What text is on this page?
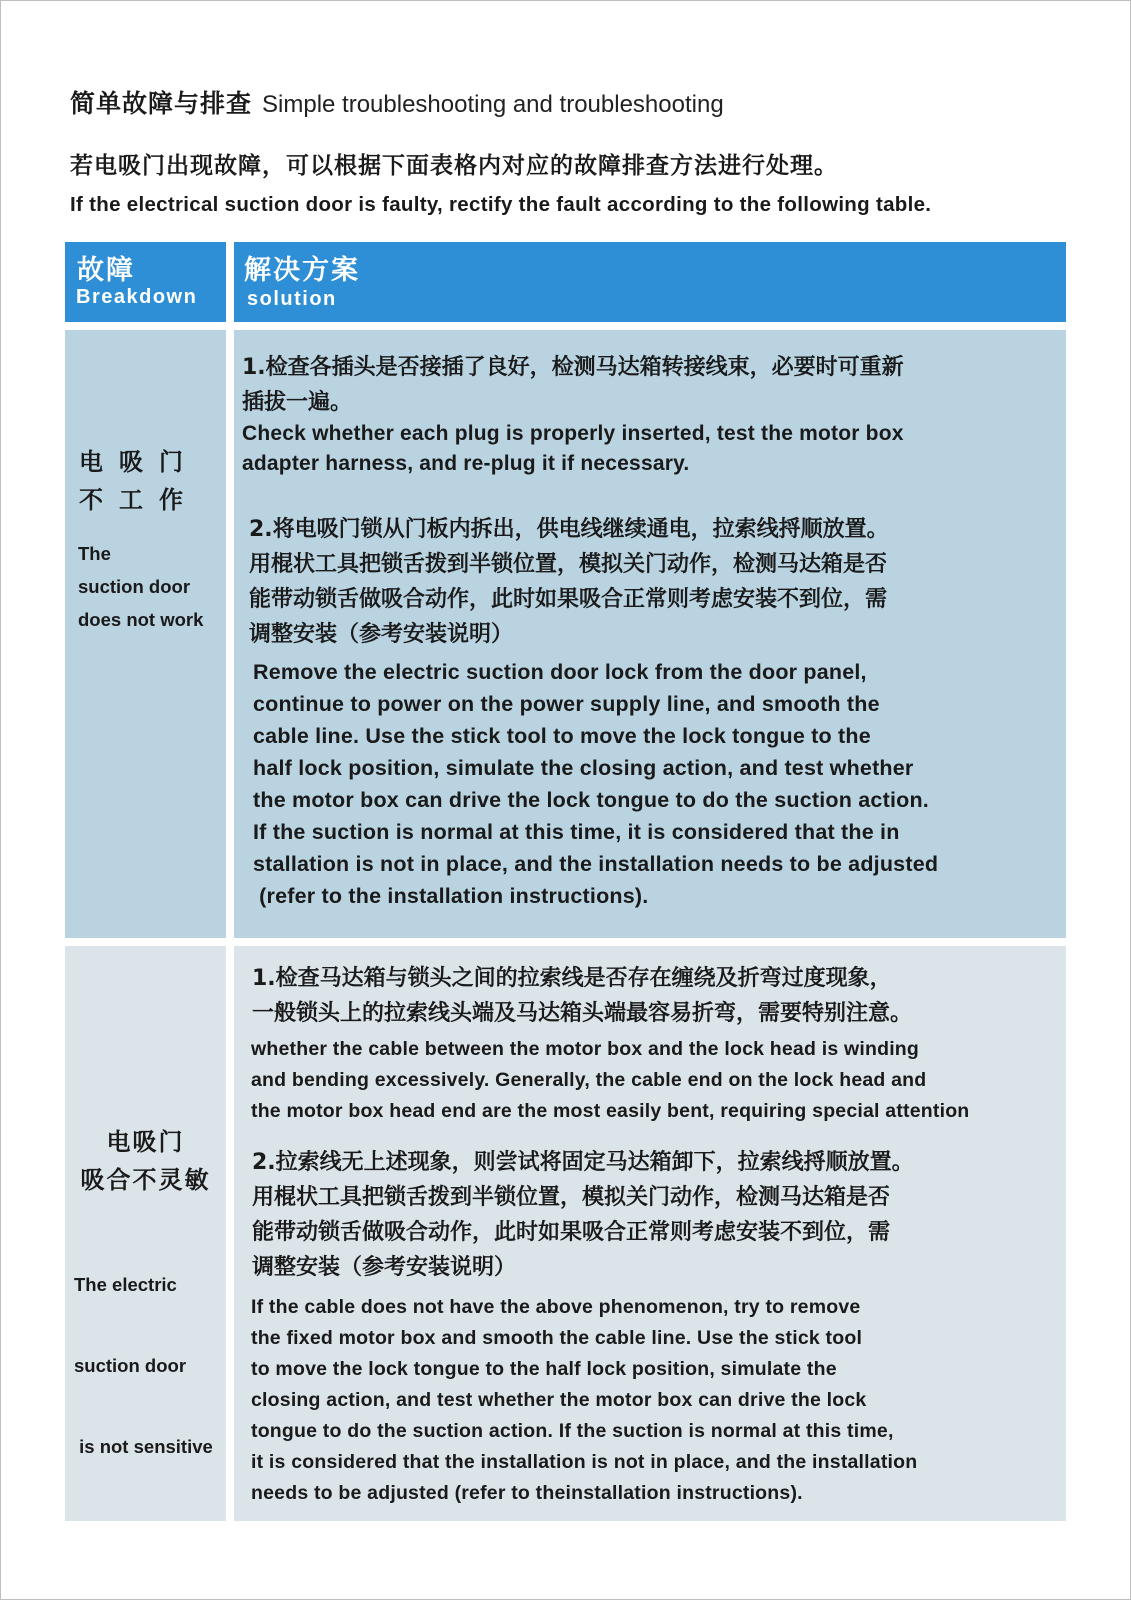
简单故障与排查 Simple troubleshooting and troubleshooting
若电吸门出现故障，可以根据下面表格内对应的故障排查方法进行处理。
If the electrical suction door is faulty, rectify the fault according to the following table.
故障
Breakdown
解决方案
solution
电吸门
不工作
The
suction door
does not work
1.检查各插头是否接插了良好，检测马达箱转接线束，必要时可重新
插拔一遍。
Check whether each plug is properly inserted, test the motor box
adapter harness, and re-plug it if necessary.
2.将电吸门锁从门板内拆出，供电线继续通电，拉索线捋顺放置。
用棍状工具把锁舌拨到半锁位置，模拟关门动作，检测马达箱是否
能带动锁舌做吸合动作，此时如果吸合正常则考虑安装不到位，需
调整安装（参考安装说明）
Remove the electric suction door lock from the door panel,
continue to power on the power supply line, and smooth the
cable line. Use the stick tool to move the lock tongue to the
half lock position, simulate the closing action, and test whether
the motor box can drive the lock tongue to do the suction action.
If the suction is normal at this time, it is considered that the in
stallation is not in place, and the installation needs to be adjusted
(refer to the installation instructions).
电吸门
吸合不灵敏

The electric

suction door

is not sensitive

1.检查马达箱与锁头之间的拉索线是否存在缠绕及折弯过度现象，
一般锁头上的拉索线头端及马达箱头端最容易折弯，需要特别注意。
whether the cable between the motor box and the lock head is winding
and bending excessively. Generally, the cable end on the lock head and
the motor box head end are the most easily bent, requiring special attention
2.拉索线无上述现象，则尝试将固定马达箱卸下，拉索线捋顺放置。
用棍状工具把锁舌拨到半锁位置，模拟关门动作，检测马达箱是否
能带动锁舌做吸合动作，此时如果吸合正常则考虑安装不到位，需
调整安装（参考安装说明）
If the cable does not have the above phenomenon, try to remove
the fixed motor box and smooth the cable line. Use the stick tool
to move the lock tongue to the half lock position, simulate the
closing action, and test whether the motor box can drive the lock
tongue to do the suction action. If the suction is normal at this time,
it is considered that the installation is not in place, and the installation
needs to be adjusted (refer to theinstallation instructions).
